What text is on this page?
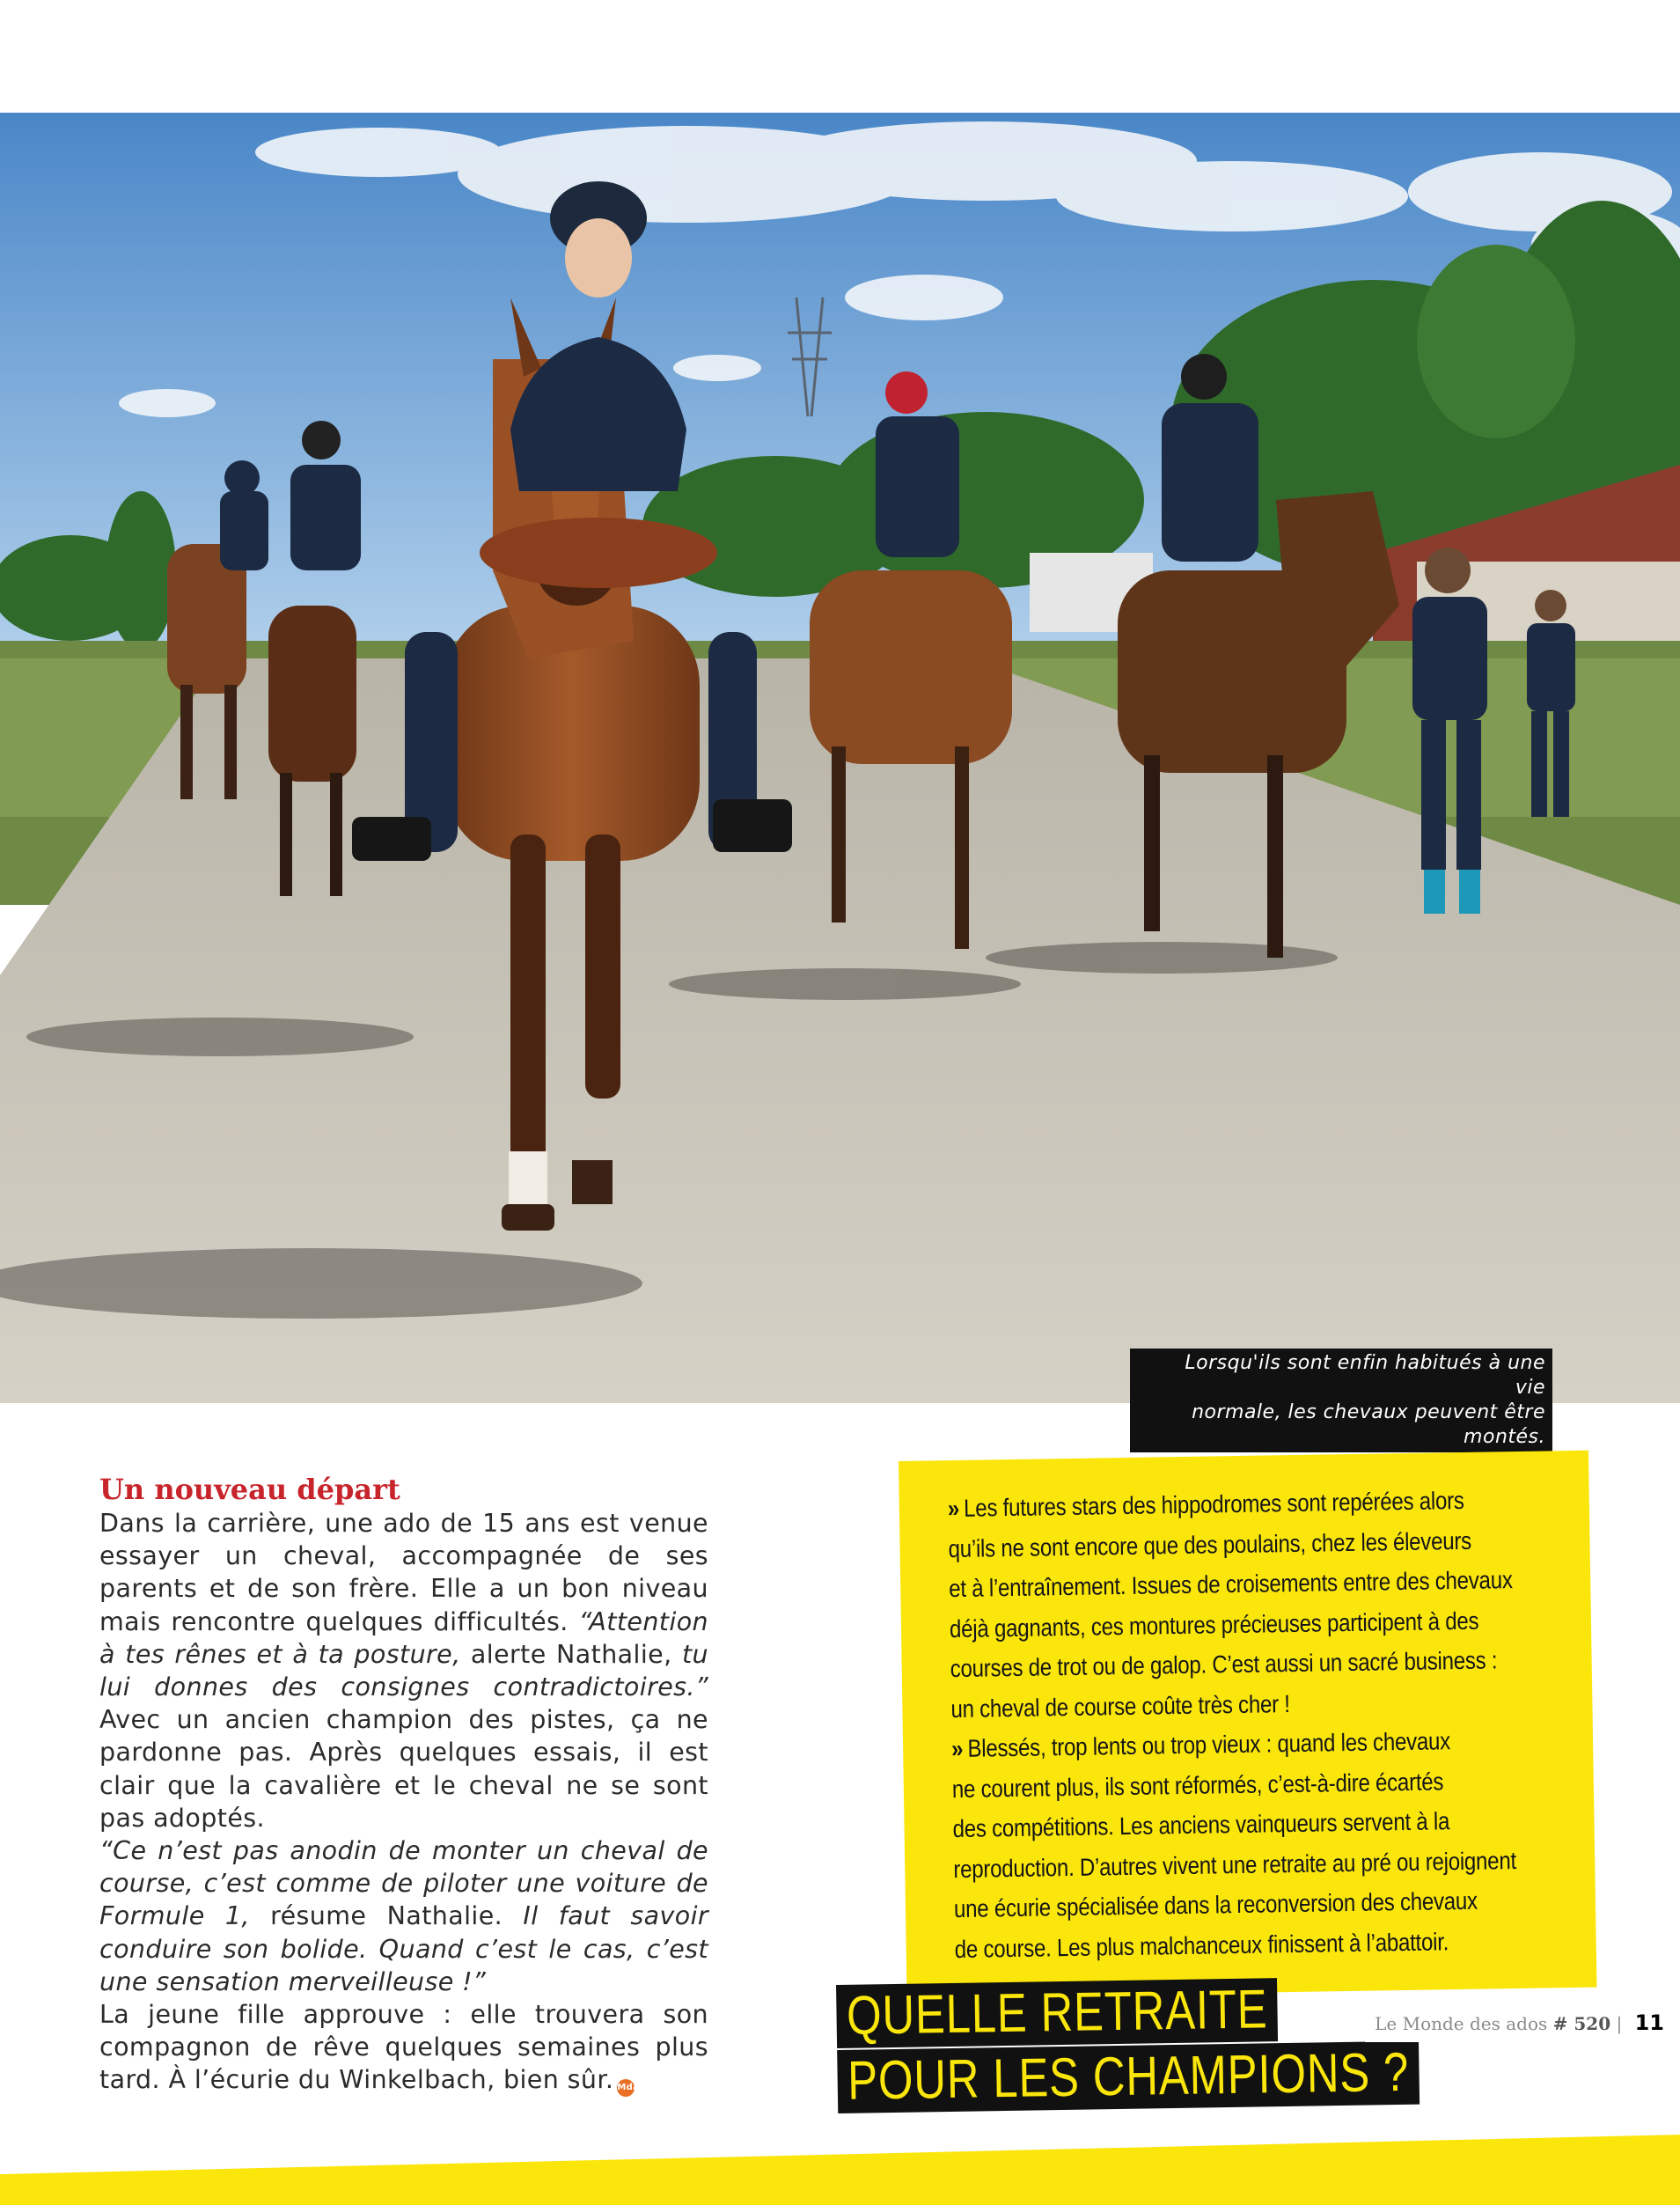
Lorsqu'ils sont enfin habitués à une vie
normale, les chevaux peuvent être montés.
Un nouveau départ

Dans la carrière, une ado de 15 ans est venue essayer un cheval, accompagnée de ses parents et de son frère. Elle a un bon niveau mais rencontre quelques difficultés. “Attention à tes rênes et à ta posture, alerte Nathalie, tu lui donnes des consignes contradictoires.” Avec un ancien champion des pistes, ça ne pardonne pas. Après quelques essais, il est clair que la cavalière et le cheval ne se sont pas adoptés.

“Ce n’est pas anodin de monter un cheval de course, c’est comme de piloter une voiture de Formule 1, résume Nathalie. Il faut savoir conduire son bolide. Quand c’est le cas, c’est une sensation merveilleuse !”

La jeune fille approuve : elle trouvera son compagnon de rêve quelques semaines plus tard. À l’écurie du Winkelbach, bien sûr. Mda

» Les futures stars des hippodromes sont repérées alors
qu’ils ne sont encore que des poulains, chez les éleveurs
et à l’entraînement. Issues de croisements entre des chevaux
déjà gagnants, ces montures précieuses participent à des
courses de trot ou de galop. C’est aussi un sacré business :
un cheval de course coûte très cher !
» Blessés, trop lents ou trop vieux : quand les chevaux
ne courent plus, ils sont réformés, c’est-à-dire écartés
des compétitions. Les anciens vainqueurs servent à la
reproduction. D’autres vivent une retraite au pré ou rejoignent
une écurie spécialisée dans la reconversion des chevaux
de course. Les plus malchanceux finissent à l’abattoir.
QUELLE RETRAITE
POUR LES CHAMPIONS ?
Le Monde des ados # 520 | 11
